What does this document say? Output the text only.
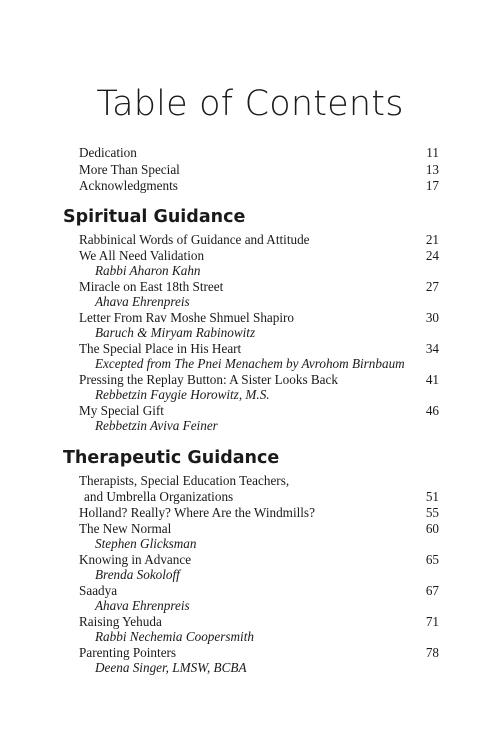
Table of Contents
Dedication	11
More Than Special	13
Acknowledgments	17
Spiritual Guidance
Rabbinical Words of Guidance and Attitude	21
We All Need Validation	24
Rabbi Aharon Kahn
Miracle on East 18th Street	27
Ahava Ehrenpreis
Letter From Rav Moshe Shmuel Shapiro	30
Baruch & Miryam Rabinowitz
The Special Place in His Heart	34
Excepted from The Pnei Menachem by Avrohom Birnbaum
Pressing the Replay Button: A Sister Looks Back	41
Rebbetzin Faygie Horowitz, M.S.
My Special Gift	46
Rebbetzin Aviva Feiner
Therapeutic Guidance
Therapists, Special Education Teachers,
and Umbrella Organizations	51
Holland? Really? Where Are the Windmills?	55
The New Normal	60
Stephen Glicksman
Knowing in Advance	65
Brenda Sokoloff
Saadya	67
Ahava Ehrenpreis
Raising Yehuda	71
Rabbi Nechemia Coopersmith
Parenting Pointers	78
Deena Singer, LMSW, BCBA
